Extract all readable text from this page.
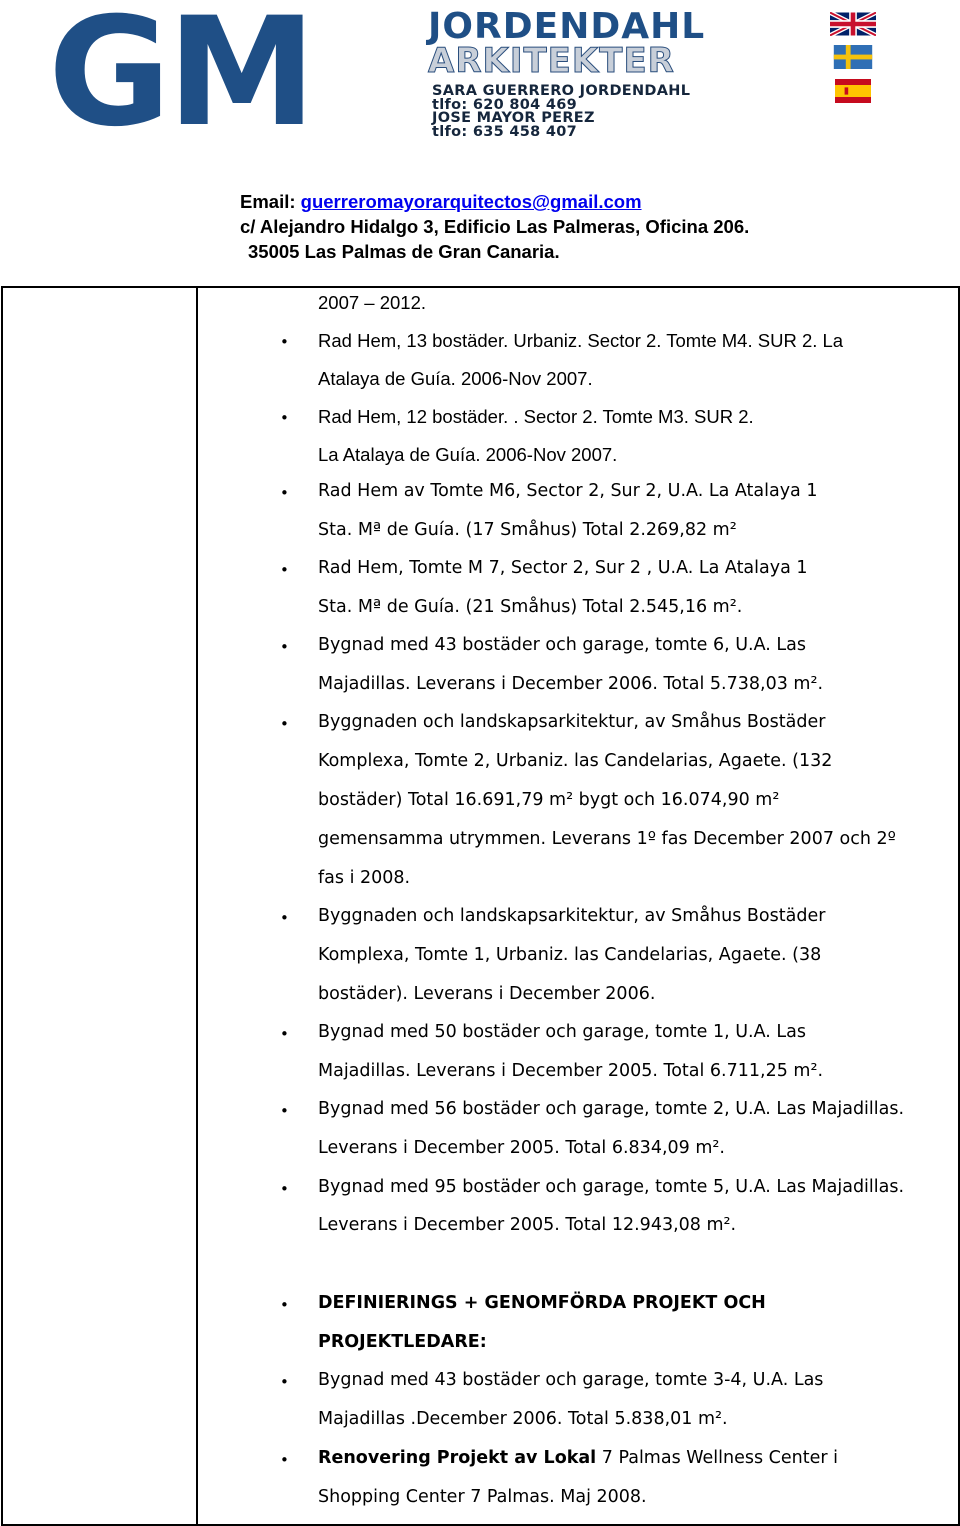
GM	JORDENDAHL
ARKITEKTER
SARA GUERRERO JORDENDAHL
tlfo: 620 804 469
JOSE MAYOR PEREZ
tlfo: 635 458 407
Email: guerreromayorarquitectos@gmail.com
c/ Alejandro Hidalgo 3, Edificio Las Palmeras, Oficina 206.
35005 Las Palmas de Gran Canaria.
2007 – 2012.
• Rad Hem, 13 bostäder. Urbaniz. Sector 2. Tomte M4. SUR 2. La
Atalaya de Guía. 2006-Nov 2007.
• Rad Hem, 12 bostäder. . Sector 2. Tomte M3. SUR 2.
La Atalaya de Guía. 2006-Nov 2007.
• Rad Hem av Tomte M6, Sector 2, Sur 2, U.A. La Atalaya 1
Sta. Mª de Guía. (17 Småhus) Total 2.269,82 m²
• Rad Hem, Tomte M 7, Sector 2, Sur 2 , U.A. La Atalaya 1
Sta. Mª de Guía. (21 Småhus) Total 2.545,16 m².
• Bygnad med 43 bostäder och garage, tomte 6, U.A. Las
Majadillas. Leverans i December 2006. Total 5.738,03 m².
• Byggnaden och landskapsarkitektur, av Småhus Bostäder
Komplexa, Tomte 2, Urbaniz. las Candelarias, Agaete. (132
bostäder) Total 16.691,79 m² bygt och 16.074,90 m²
gemensamma utrymmen. Leverans 1º fas December 2007 och 2º
fas i 2008.
• Byggnaden och landskapsarkitektur, av Småhus Bostäder
Komplexa, Tomte 1, Urbaniz. las Candelarias, Agaete. (38
bostäder). Leverans i December 2006.
• Bygnad med 50 bostäder och garage, tomte 1, U.A. Las
Majadillas. Leverans i December 2005. Total 6.711,25 m².
• Bygnad med 56 bostäder och garage, tomte 2, U.A. Las Majadillas.
Leverans i December 2005. Total 6.834,09 m².
• Bygnad med 95 bostäder och garage, tomte 5, U.A. Las Majadillas.
Leverans i December 2005. Total 12.943,08 m².
• DEFINIERINGS + GENOMFÖRDA PROJEKT OCH
PROJEKTLEDARE:
• Bygnad med 43 bostäder och garage, tomte 3-4, U.A. Las
Majadillas .December 2006. Total 5.838,01 m².
• Renovering Projekt av Lokal 7 Palmas Wellness Center i
Shopping Center 7 Palmas. Maj 2008.
